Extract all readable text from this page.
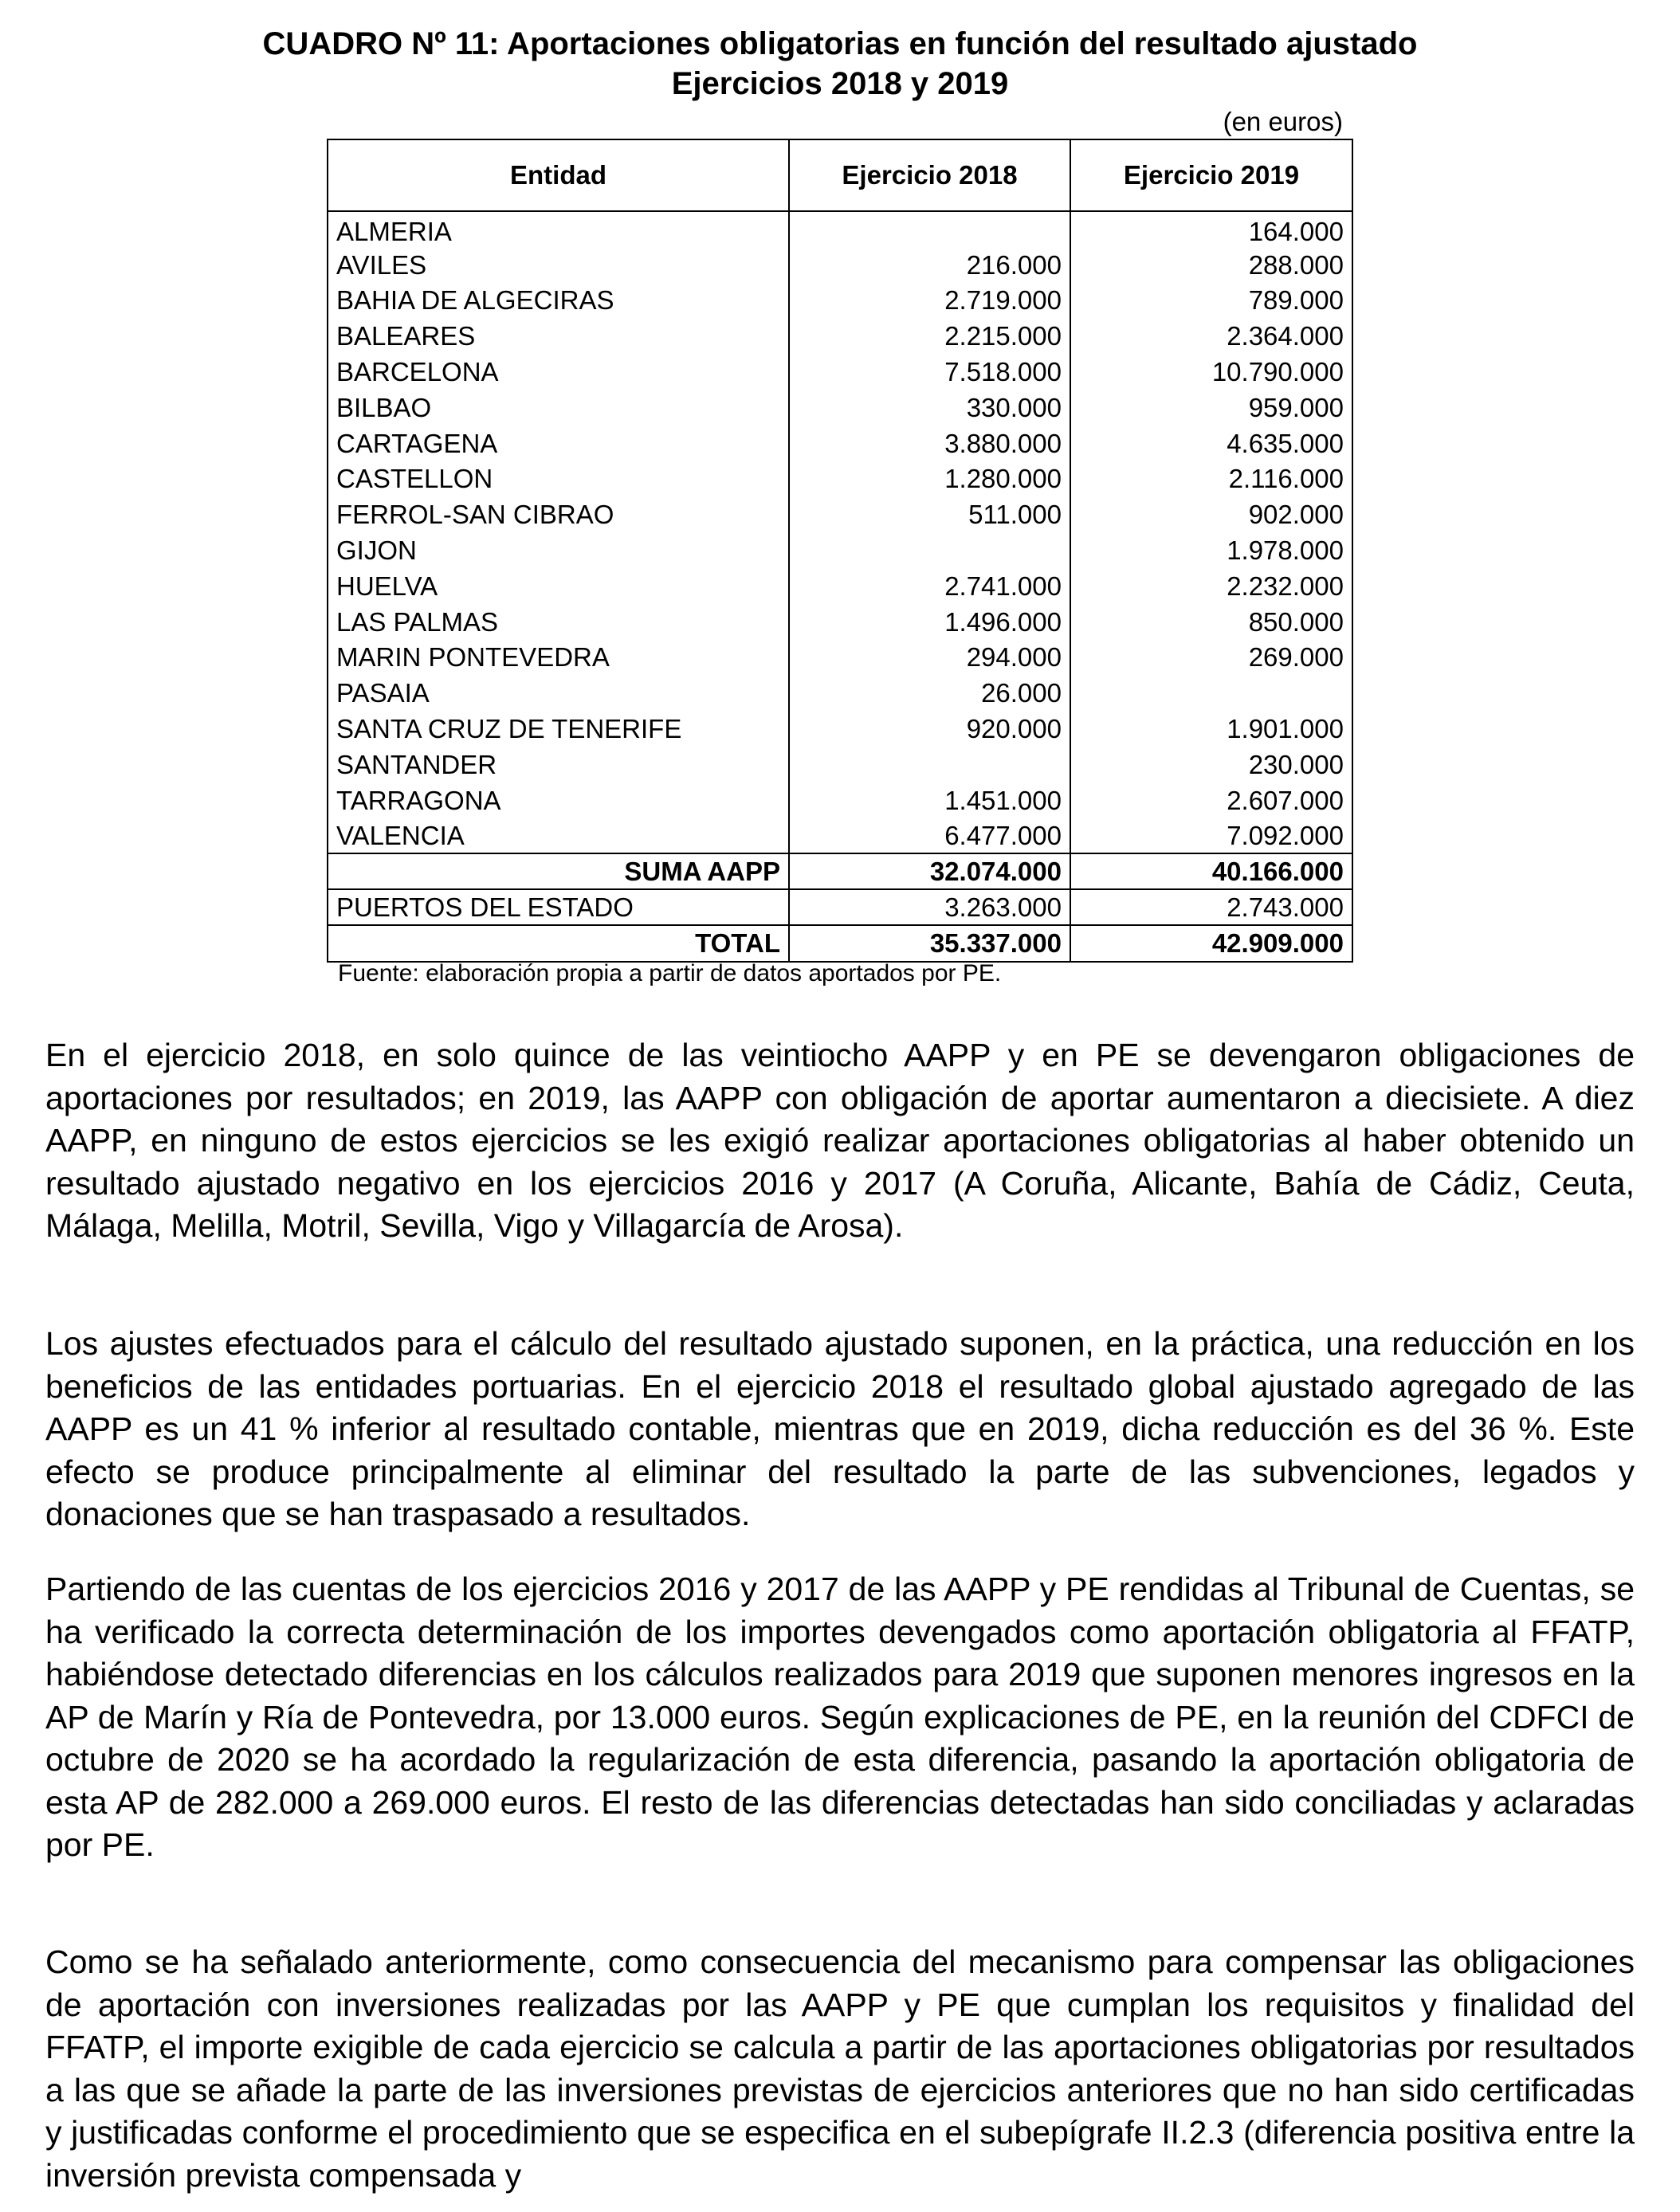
CUADRO Nº 11: Aportaciones obligatorias en función del resultado ajustado
Ejercicios 2018 y 2019
(en euros)
Entidad	Ejercicio 2018	Ejercicio 2019
ALMERIA		164.000
AVILES	216.000	288.000
BAHIA DE ALGECIRAS	2.719.000	789.000
BALEARES	2.215.000	2.364.000
BARCELONA	7.518.000	10.790.000
BILBAO	330.000	959.000
CARTAGENA	3.880.000	4.635.000
CASTELLON	1.280.000	2.116.000
FERROL-SAN CIBRAO	511.000	902.000
GIJON		1.978.000
HUELVA	2.741.000	2.232.000
LAS PALMAS	1.496.000	850.000
MARIN PONTEVEDRA	294.000	269.000
PASAIA	26.000	
SANTA CRUZ DE TENERIFE	920.000	1.901.000
SANTANDER		230.000
TARRAGONA	1.451.000	2.607.000
VALENCIA	6.477.000	7.092.000
SUMA AAPP	32.074.000	40.166.000
PUERTOS DEL ESTADO	3.263.000	2.743.000
TOTAL	35.337.000	42.909.000
Fuente: elaboración propia a partir de datos aportados por PE.

En el ejercicio 2018, en solo quince de las veintiocho AAPP y en PE se devengaron obligaciones de aportaciones por resultados; en 2019, las AAPP con obligación de aportar aumentaron a diecisiete. A diez AAPP, en ninguno de estos ejercicios se les exigió realizar aportaciones obligatorias al haber obtenido un resultado ajustado negativo en los ejercicios 2016 y 2017 (A Coruña, Alicante, Bahía de Cádiz, Ceuta, Málaga, Melilla, Motril, Sevilla, Vigo y Villagarcía de Arosa).

Los ajustes efectuados para el cálculo del resultado ajustado suponen, en la práctica, una reducción en los beneficios de las entidades portuarias. En el ejercicio 2018 el resultado global ajustado agregado de las AAPP es un 41 % inferior al resultado contable, mientras que en 2019, dicha reducción es del 36 %. Este efecto se produce principalmente al eliminar del resultado la parte de las subvenciones, legados y donaciones que se han traspasado a resultados.

Partiendo de las cuentas de los ejercicios 2016 y 2017 de las AAPP y PE rendidas al Tribunal de Cuentas, se ha verificado la correcta determinación de los importes devengados como aportación obligatoria al FFATP, habiéndose detectado diferencias en los cálculos realizados para 2019 que suponen menores ingresos en la AP de Marín y Ría de Pontevedra, por 13.000 euros. Según explicaciones de PE, en la reunión del CDFCI de octubre de 2020 se ha acordado la regularización de esta diferencia, pasando la aportación obligatoria de esta AP de 282.000 a 269.000 euros. El resto de las diferencias detectadas han sido conciliadas y aclaradas por PE.

Como se ha señalado anteriormente, como consecuencia del mecanismo para compensar las obligaciones de aportación con inversiones realizadas por las AAPP y PE que cumplan los requisitos y finalidad del FFATP, el importe exigible de cada ejercicio se calcula a partir de las aportaciones obligatorias por resultados a las que se añade la parte de las inversiones previstas de ejercicios anteriores que no han sido certificadas y justificadas conforme el procedimiento que se especifica en el subepígrafe II.2.3 (diferencia positiva entre la inversión prevista compensada y
